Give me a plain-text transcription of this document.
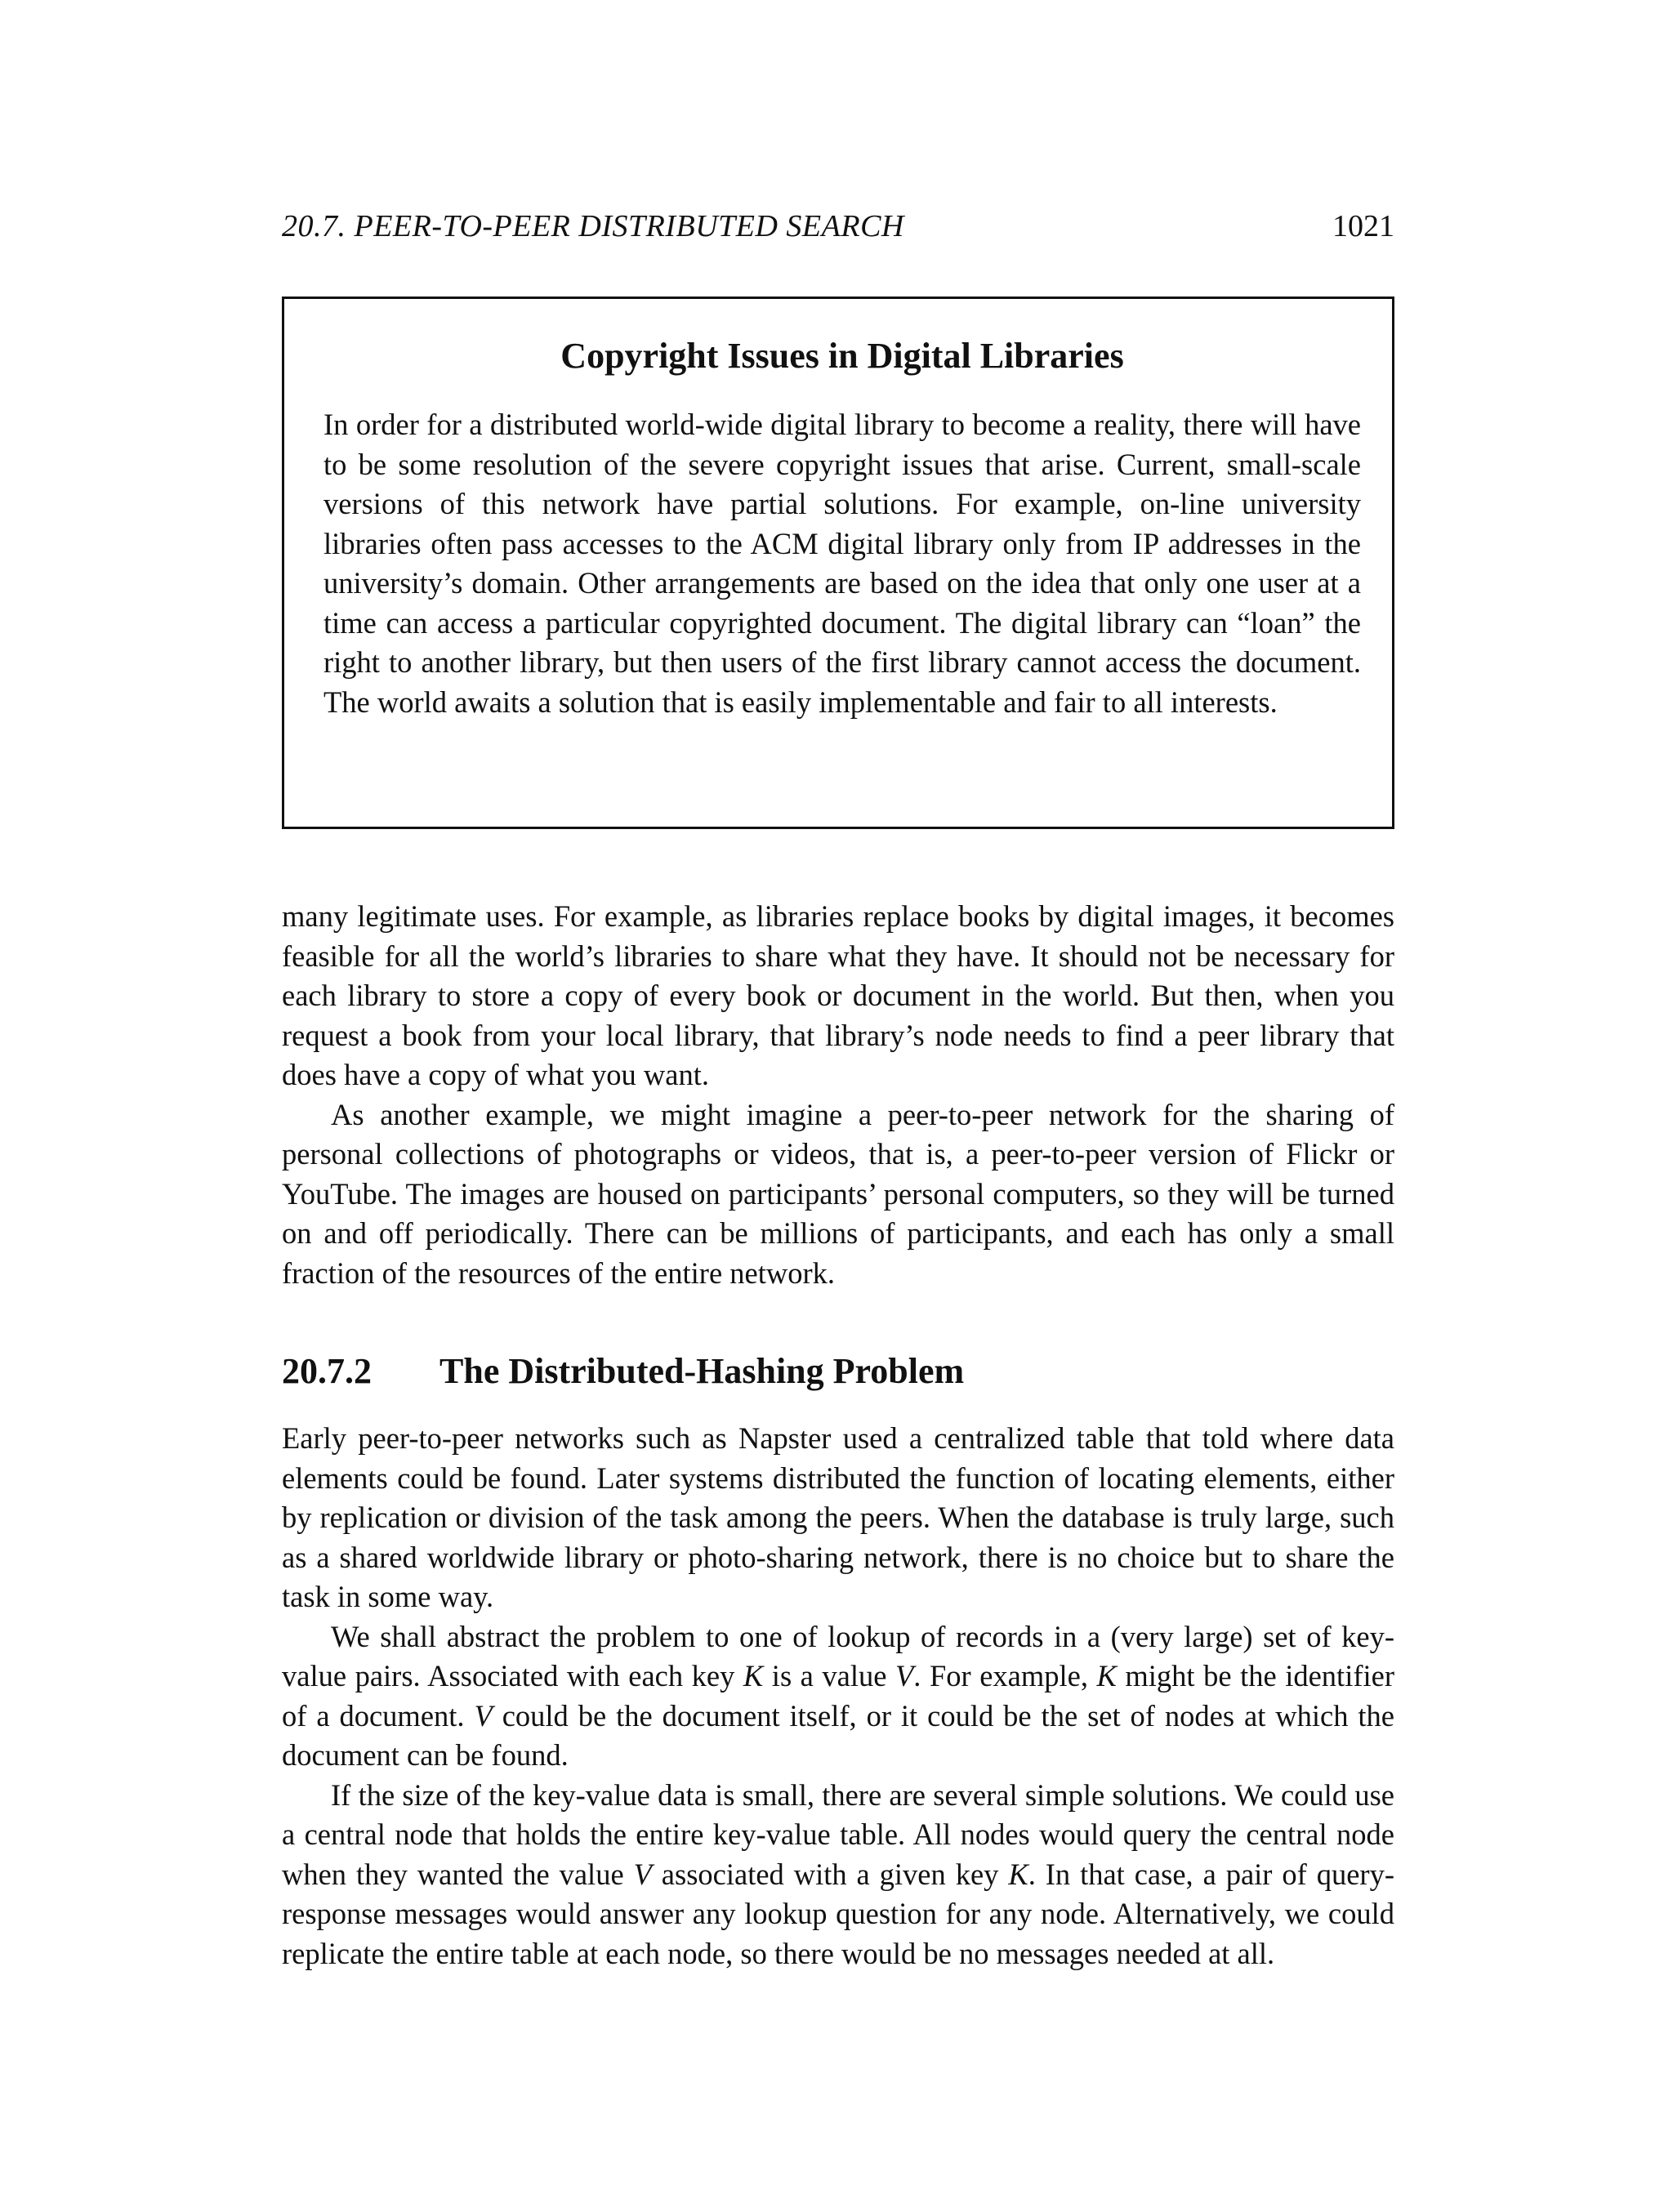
20.7. PEER-TO-PEER DISTRIBUTED SEARCH	1021
Copyright Issues in Digital Libraries

In order for a distributed world-wide digital library to become a reality, there will have to be some resolution of the severe copyright issues that arise. Current, small-scale versions of this network have partial solutions. For example, on-line university libraries often pass accesses to the ACM digital library only from IP addresses in the university’s domain. Other arrangements are based on the idea that only one user at a time can access a particular copyrighted document. The digital library can “loan” the right to another library, but then users of the first library cannot access the document. The world awaits a solution that is easily implementable and fair to all interests.

many legitimate uses. For example, as libraries replace books by digital images, it becomes feasible for all the world’s libraries to share what they have. It should not be necessary for each library to store a copy of every book or document in the world. But then, when you request a book from your local library, that library’s node needs to find a peer library that does have a copy of what you want.

As another example, we might imagine a peer-to-peer network for the sharing of personal collections of photographs or videos, that is, a peer-to-peer version of Flickr or YouTube. The images are housed on participants’ personal computers, so they will be turned on and off periodically. There can be millions of participants, and each has only a small fraction of the resources of the entire network.

20.7.2 The Distributed-Hashing Problem

Early peer-to-peer networks such as Napster used a centralized table that told where data elements could be found. Later systems distributed the function of locating elements, either by replication or division of the task among the peers. When the database is truly large, such as a shared worldwide library or photo-sharing network, there is no choice but to share the task in some way.

We shall abstract the problem to one of lookup of records in a (very large) set of key-value pairs. Associated with each key K is a value V. For example, K might be the identifier of a document. V could be the document itself, or it could be the set of nodes at which the document can be found.

If the size of the key-value data is small, there are several simple solutions. We could use a central node that holds the entire key-value table. All nodes would query the central node when they wanted the value V associated with a given key K. In that case, a pair of query-response messages would answer any lookup question for any node. Alternatively, we could replicate the entire table at each node, so there would be no messages needed at all.
